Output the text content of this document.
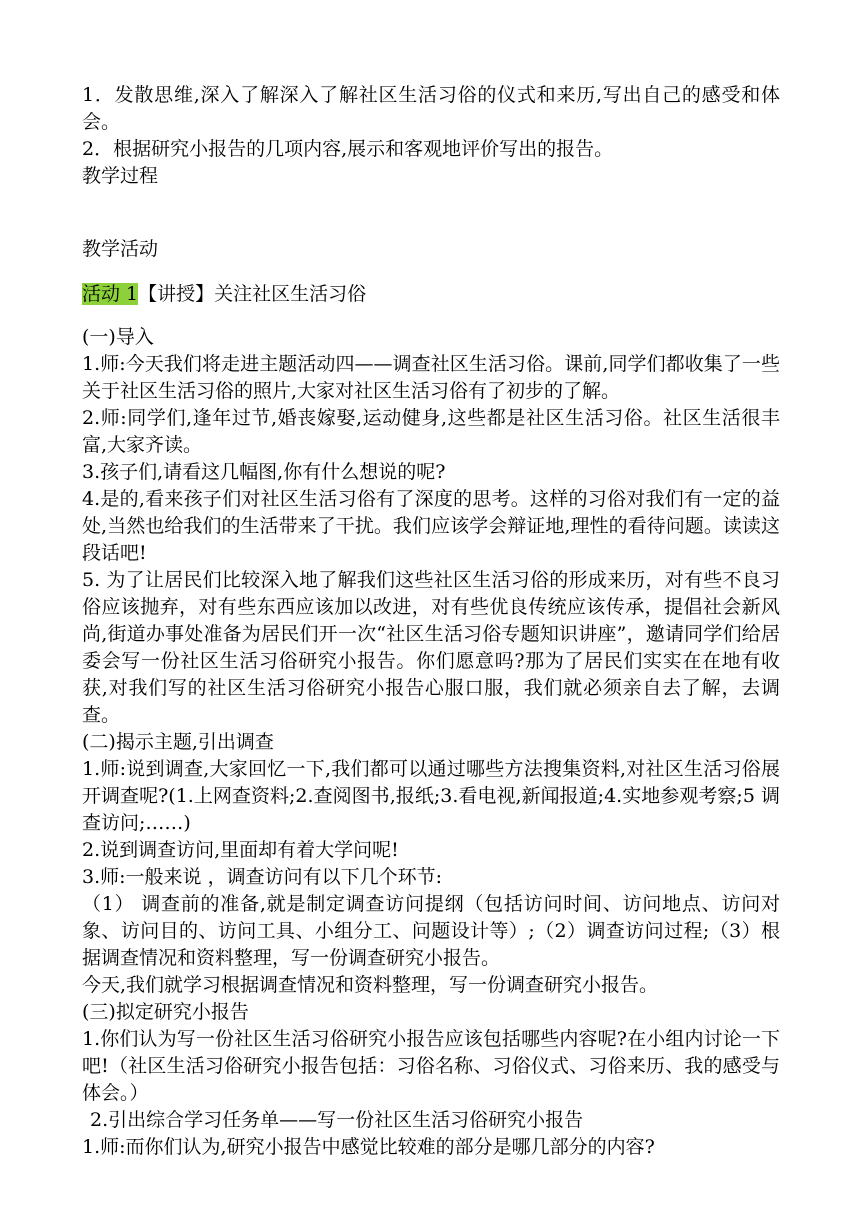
1．发散思维,深入了解深入了解社区生活习俗的仪式和来历,写出自己的感受和体会。

2．根据研究小报告的几项内容,展示和客观地评价写出的报告。

教学过程

教学活动

活动 1【讲授】关注社区生活习俗

(一)导入

1.师:今天我们将走进主题活动四——调查社区生活习俗。课前,同学们都收集了一些关于社区生活习俗的照片,大家对社区生活习俗有了初步的了解。

2.师:同学们,逢年过节,婚丧嫁娶,运动健身,这些都是社区生活习俗。社区生活很丰富,大家齐读。

3.孩子们,请看这几幅图,你有什么想说的呢?

4.是的,看来孩子们对社区生活习俗有了深度的思考。这样的习俗对我们有一定的益处,当然也给我们的生活带来了干扰。我们应该学会辩证地,理性的看待问题。读读这段话吧!

5. 为了让居民们比较深入地了解我们这些社区生活习俗的形成来历，对有些不良习俗应该抛弃，对有些东西应该加以改进，对有些优良传统应该传承，提倡社会新风尚,街道办事处准备为居民们开一次“社区生活习俗专题知识讲座”，邀请同学们给居委会写一份社区生活习俗研究小报告。你们愿意吗?那为了居民们实实在在地有收获,对我们写的社区生活习俗研究小报告心服口服，我们就必须亲自去了解，去调查。

(二)揭示主题,引出调查

1.师:说到调查,大家回忆一下,我们都可以通过哪些方法搜集资料,对社区生活习俗展开调查呢?(1.上网查资料;2.查阅图书,报纸;3.看电视,新闻报道;4.实地参观考察;5 调查访问;……)

2.说到调查访问,里面却有着大学问呢!

3.师:一般来说 ，调查访问有以下几个环节:

（1） 调查前的准备,就是制定调查访问提纲（包括访问时间、访问地点、访问对象、访问目的、访问工具、小组分工、问题设计等）;（2）调查访问过程;（3）根据调查情况和资料整理，写一份调查研究小报告。

今天,我们就学习根据调查情况和资料整理，写一份调查研究小报告。

(三)拟定研究小报告

1.你们认为写一份社区生活习俗研究小报告应该包括哪些内容呢?在小组内讨论一下吧!（社区生活习俗研究小报告包括：习俗名称、习俗仪式、习俗来历、我的感受与体会。）

2.引出综合学习任务单——写一份社区生活习俗研究小报告

1.师:而你们认为,研究小报告中感觉比较难的部分是哪几部分的内容?
